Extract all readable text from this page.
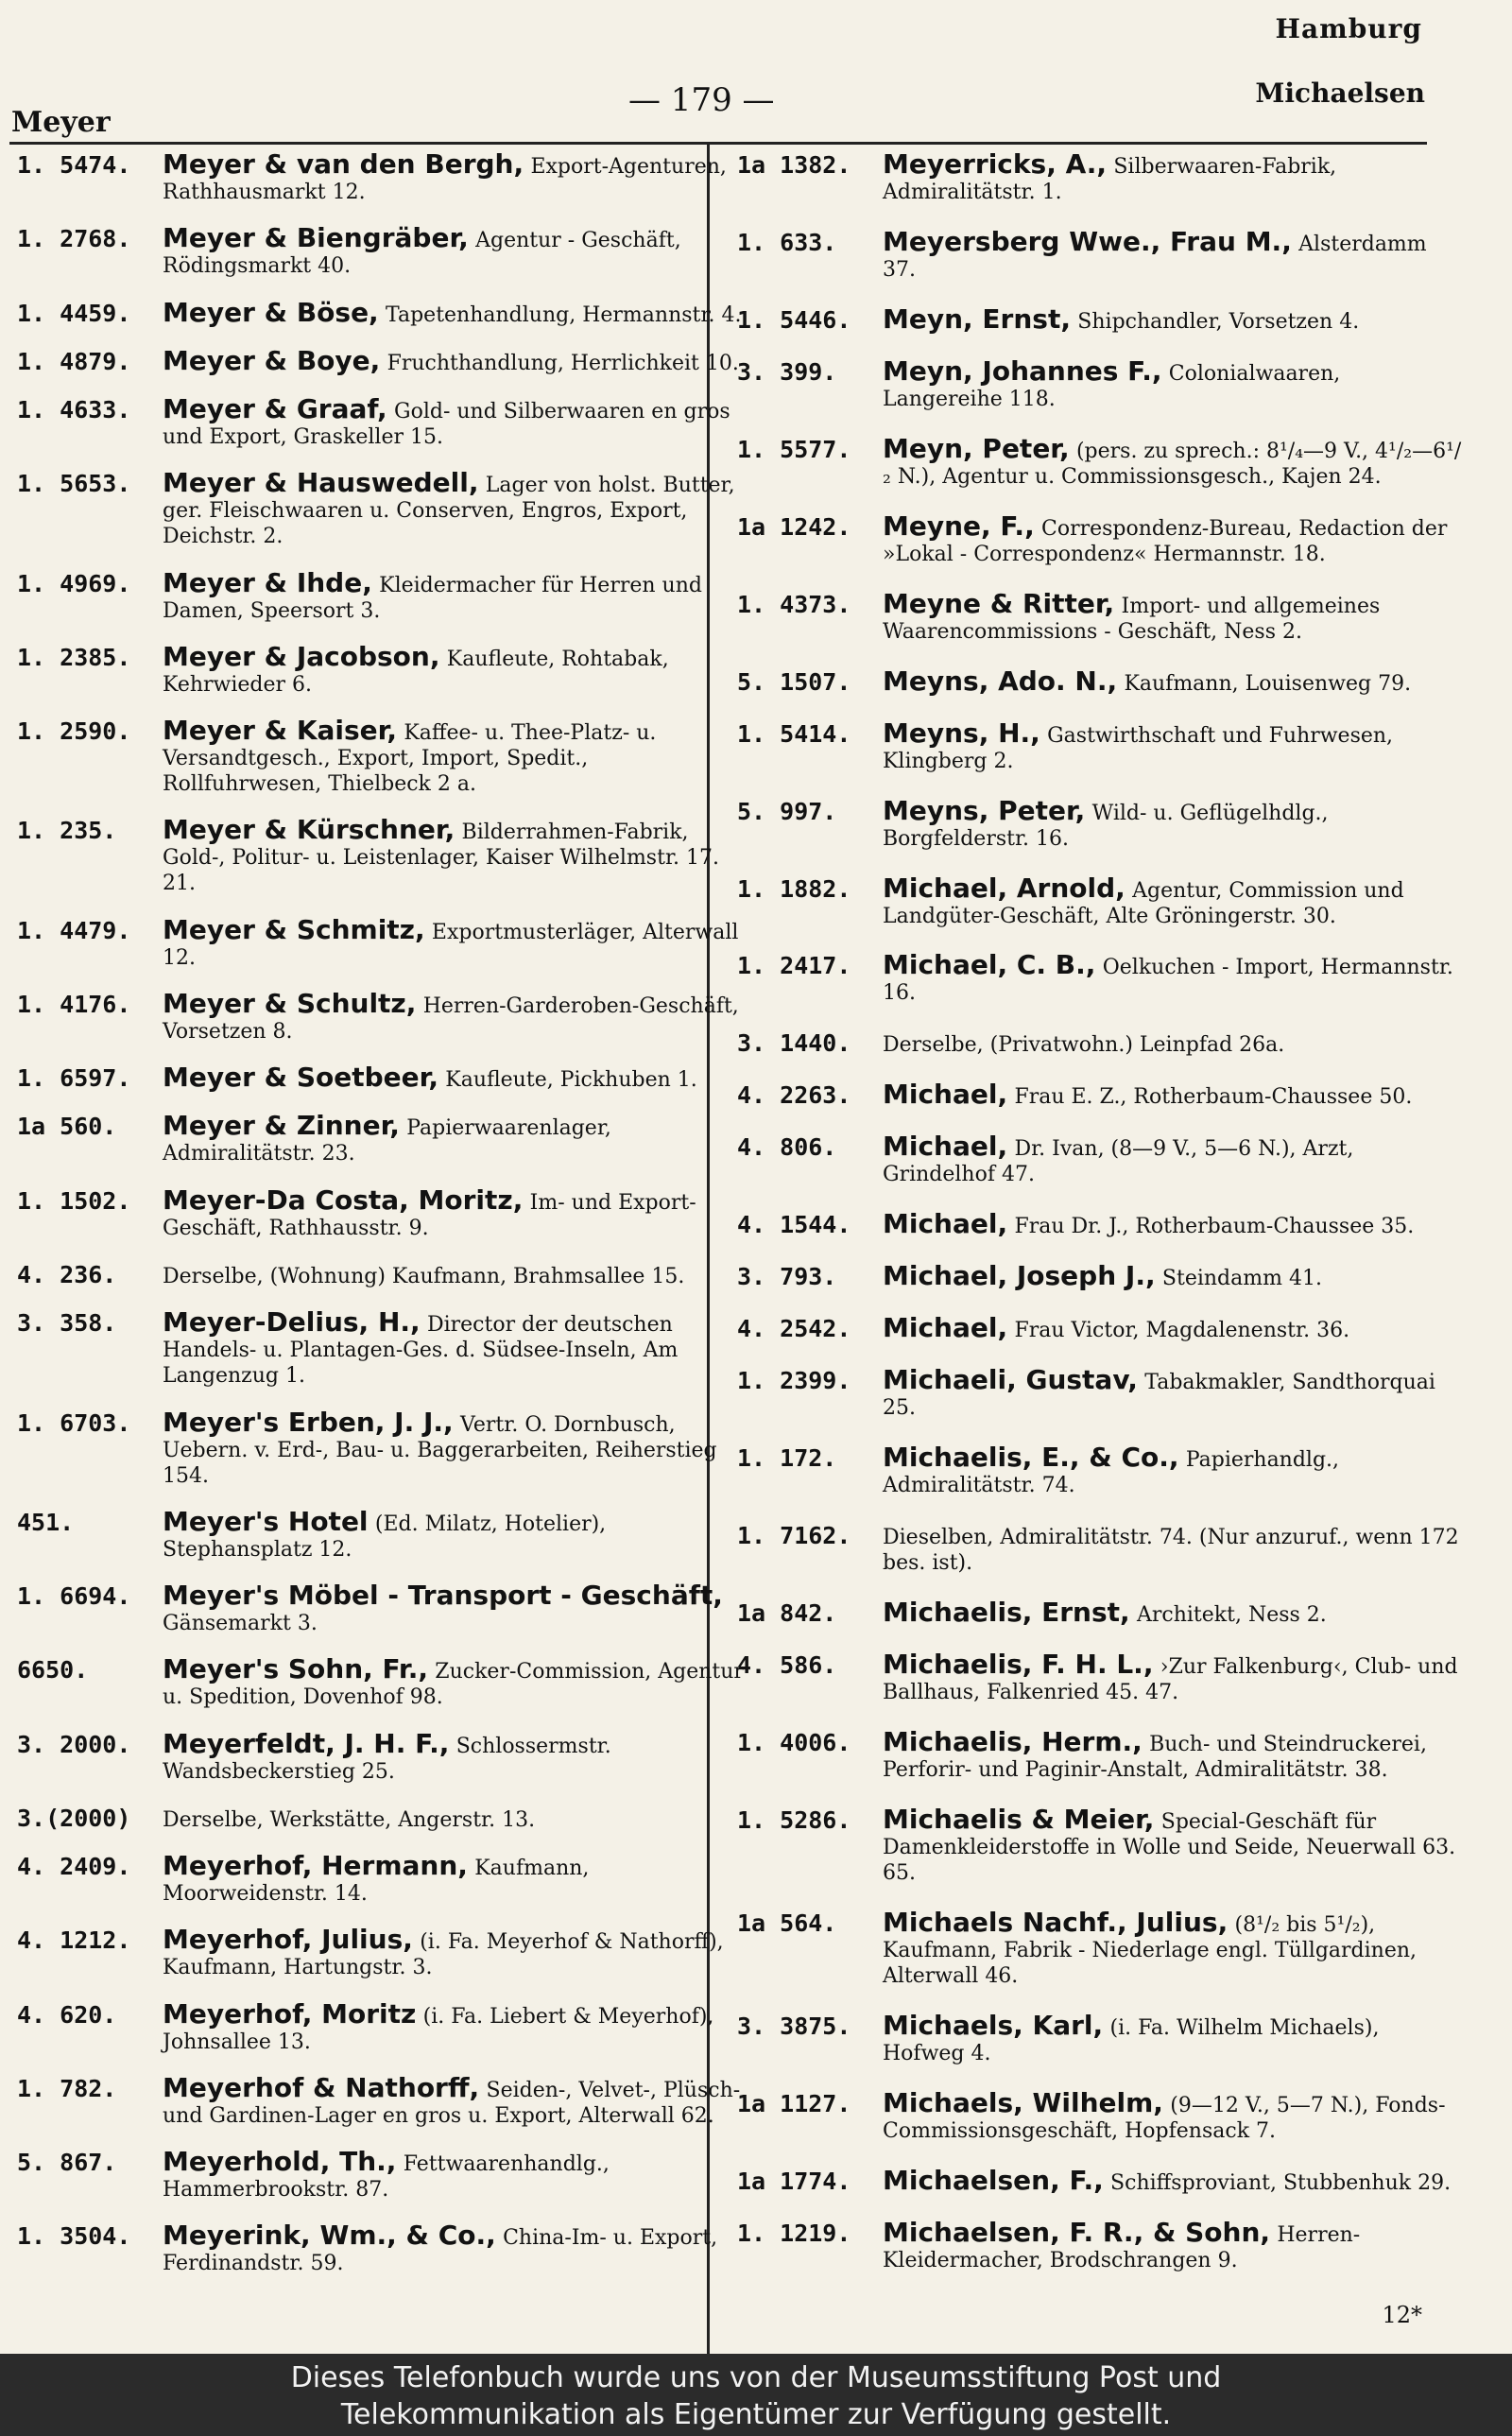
Hamburg
Meyer
— 179 —	Michaelsen
1. 5474.	Meyer & van den Bergh, Export-Agenturen, Rathhausmarkt 12.
1. 2768.	Meyer & Biengräber, Agentur - Geschäft, Rödingsmarkt 40.
1. 4459.	Meyer & Böse, Tapetenhandlung, Hermannstr. 4.
1. 4879.	Meyer & Boye, Fruchthandlung, Herrlichkeit 10.
1. 4633.	Meyer & Graaf, Gold- und Silberwaaren en gros und Export, Graskeller 15.
1. 5653.	Meyer & Hauswedell, Lager von holst. Butter, ger. Fleischwaaren u. Conserven, Engros, Export, Deichstr. 2.
1. 4969.	Meyer & Ihde, Kleidermacher für Herren und Damen, Speersort 3.
1. 2385.	Meyer & Jacobson, Kaufleute, Rohtabak, Kehrwieder 6.
1. 2590.	Meyer & Kaiser, Kaffee- u. Thee-Platz- u. Versandtgesch., Export, Import, Spedit., Rollfuhrwesen, Thielbeck 2 a.
1. 235.	Meyer & Kürschner, Bilderrahmen-Fabrik, Gold-, Politur- u. Leistenlager, Kaiser Wilhelmstr. 17. 21.
1. 4479.	Meyer & Schmitz, Exportmusterläger, Alterwall 12.
1. 4176.	Meyer & Schultz, Herren-Garderoben-Geschäft, Vorsetzen 8.
1. 6597.	Meyer & Soetbeer, Kaufleute, Pickhuben 1.
1a 560.	Meyer & Zinner, Papierwaarenlager, Admiralitätstr. 23.
1. 1502.	Meyer-Da Costa, Moritz, Im- und Export-Geschäft, Rathhausstr. 9.
4. 236.	Derselbe, (Wohnung) Kaufmann, Brahmsallee 15.
3. 358.	Meyer-Delius, H., Director der deutschen Handels- u. Plantagen-Ges. d. Südsee-Inseln, Am Langenzug 1.
1. 6703.	Meyer's Erben, J. J., Vertr. O. Dornbusch, Uebern. v. Erd-, Bau- u. Baggerarbeiten, Reiherstieg 154.
451.	Meyer's Hotel (Ed. Milatz, Hotelier), Stephansplatz 12.
1. 6694.	Meyer's Möbel - Transport - Geschäft, Gänsemarkt 3.
6650.	Meyer's Sohn, Fr., Zucker-Commission, Agentur u. Spedition, Dovenhof 98.
3. 2000.	Meyerfeldt, J. H. F., Schlossermstr. Wandsbeckerstieg 25.
3.(2000)	Derselbe, Werkstätte, Angerstr. 13.
4. 2409.	Meyerhof, Hermann, Kaufmann, Moorweidenstr. 14.
4. 1212.	Meyerhof, Julius, (i. Fa. Meyerhof & Nathorff), Kaufmann, Hartungstr. 3.
4. 620.	Meyerhof, Moritz (i. Fa. Liebert & Meyerhof), Johnsallee 13.
1. 782.	Meyerhof & Nathorff, Seiden-, Velvet-, Plüsch- und Gardinen-Lager en gros u. Export, Alterwall 62.
5. 867.	Meyerhold, Th., Fettwaarenhandlg., Hammerbrookstr. 87.
1. 3504.	Meyerink, Wm., & Co., China-Im- u. Export, Ferdinandstr. 59.
1a 1382.	Meyerricks, A., Silberwaaren-Fabrik, Admiralitätstr. 1.
1. 633.	Meyersberg Wwe., Frau M., Alsterdamm 37.
1. 5446.	Meyn, Ernst, Shipchandler, Vorsetzen 4.
3. 399.	Meyn, Johannes F., Colonialwaaren, Langereihe 118.
1. 5577.	Meyn, Peter, (pers. zu sprech.: 8¹/₄—9 V., 4¹/₂—6¹/₂ N.), Agentur u. Commissionsgesch., Kajen 24.
1a 1242.	Meyne, F., Correspondenz-Bureau, Redaction der »Lokal - Correspondenz« Hermannstr. 18.
1. 4373.	Meyne & Ritter, Import- und allgemeines Waarencommissions - Geschäft, Ness 2.
5. 1507.	Meyns, Ado. N., Kaufmann, Louisenweg 79.
1. 5414.	Meyns, H., Gastwirthschaft und Fuhrwesen, Klingberg 2.
5. 997.	Meyns, Peter, Wild- u. Geflügelhdlg., Borgfelderstr. 16.
1. 1882.	Michael, Arnold, Agentur, Commission und Landgüter-Geschäft, Alte Gröningerstr. 30.
1. 2417.	Michael, C. B., Oelkuchen - Import, Hermannstr. 16.
3. 1440.	Derselbe, (Privatwohn.) Leinpfad 26a.
4. 2263.	Michael, Frau E. Z., Rotherbaum-Chaussee 50.
4. 806.	Michael, Dr. Ivan, (8—9 V., 5—6 N.), Arzt, Grindelhof 47.
4. 1544.	Michael, Frau Dr. J., Rotherbaum-Chaussee 35.
3. 793.	Michael, Joseph J., Steindamm 41.
4. 2542.	Michael, Frau Victor, Magdalenenstr. 36.
1. 2399.	Michaeli, Gustav, Tabakmakler, Sandthorquai 25.
1. 172.	Michaelis, E., & Co., Papierhandlg., Admiralitätstr. 74.
1. 7162.	Dieselben, Admiralitätstr. 74. (Nur anzuruf., wenn 172 bes. ist).
1a 842.	Michaelis, Ernst, Architekt, Ness 2.
4. 586.	Michaelis, F. H. L., ›Zur Falkenburg‹, Club- und Ballhaus, Falkenried 45. 47.
1. 4006.	Michaelis, Herm., Buch- und Steindruckerei, Perforir- und Paginir-Anstalt, Admiralitätstr. 38.
1. 5286.	Michaelis & Meier, Special-Geschäft für Damenkleiderstoffe in Wolle und Seide, Neuerwall 63. 65.
1a 564.	Michaels Nachf., Julius, (8¹/₂ bis 5¹/₂), Kaufmann, Fabrik - Niederlage engl. Tüllgardinen, Alterwall 46.
3. 3875.	Michaels, Karl, (i. Fa. Wilhelm Michaels), Hofweg 4.
1a 1127.	Michaels, Wilhelm, (9—12 V., 5—7 N.), Fonds-Commissionsgeschäft, Hopfensack 7.
1a 1774.	Michaelsen, F., Schiffsproviant, Stubbenhuk 29.
1. 1219.	Michaelsen, F. R., & Sohn, Herren-Kleidermacher, Brodschrangen 9.
12*
Dieses Telefonbuch wurde uns von der Museumsstiftung Post und
Telekommunikation als Eigentümer zur Verfügung gestellt.
